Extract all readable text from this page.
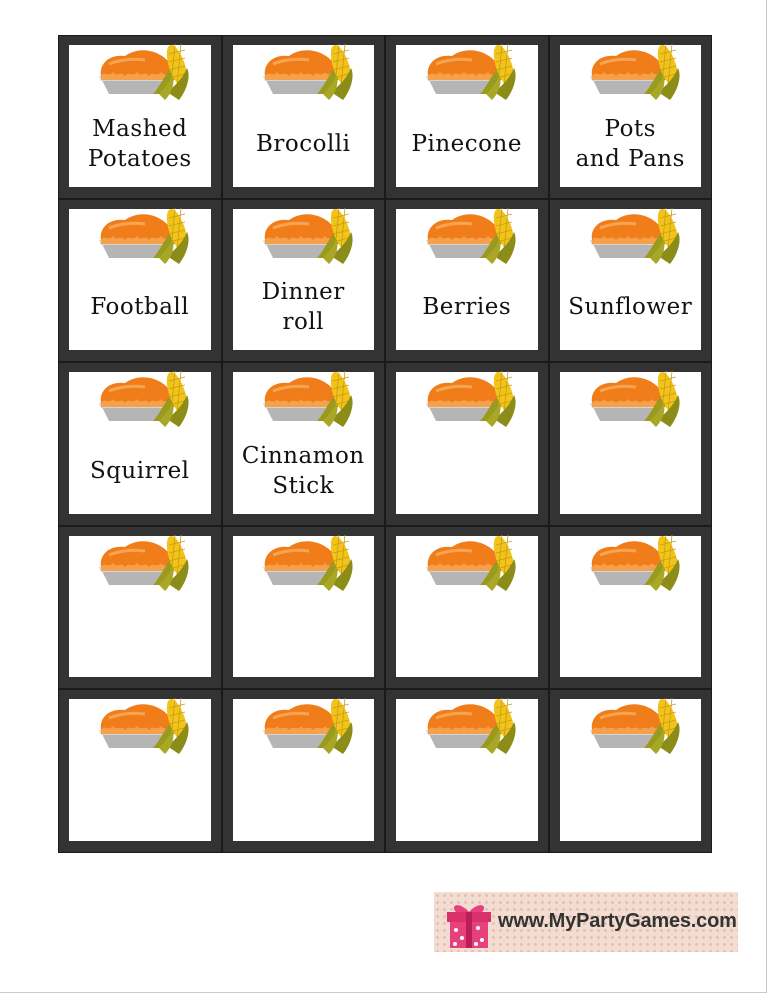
Mashed
Potatoes
Brocolli	Pinecone
Pots
and Pans
Football
Dinner
roll
Berries	Sunflower
Squirrel
Cinnamon
Stick
www.MyPartyGames.com
